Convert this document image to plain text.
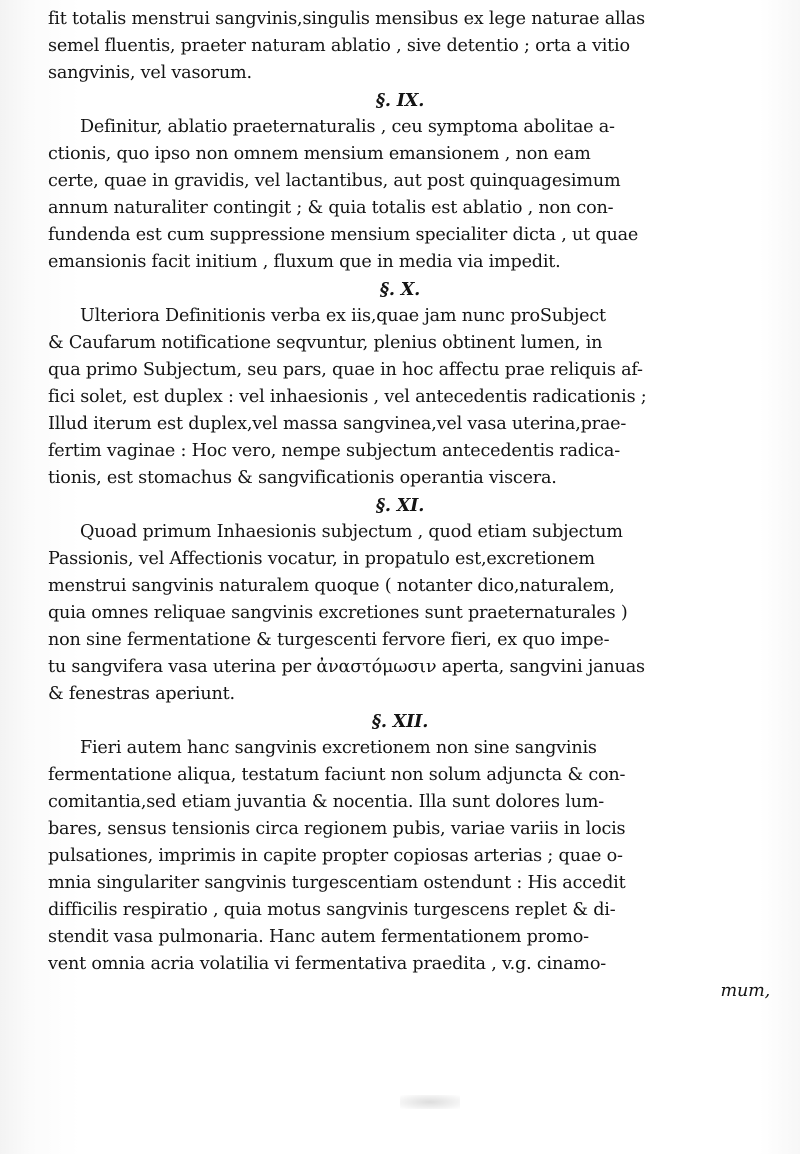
fit totalis menstrui sangvinis,singulis mensibus ex lege naturae allas
semel fluentis, praeter naturam ablatio , sive detentio ; orta a vitio
sangvinis, vel vasorum.
§. IX.
Definitur, ablatio praeternaturalis , ceu symptoma abolitae a-
ctionis, quo ipso non omnem mensium emansionem , non eam
certe, quae in gravidis, vel lactantibus, aut post quinquagesimum
annum naturaliter contingit ; & quia totalis est ablatio , non con-
fundenda est cum suppressione mensium specialiter dicta , ut quae
emansionis facit initium , fluxum que in media via impedit.
§. X.
Ulteriora Definitionis verba ex iis,quae jam nunc proSubject
& Caufarum notificatione seqvuntur, plenius obtinent lumen, in
qua primo Subjectum, seu pars, quae in hoc affectu prae reliquis af-
fici solet, est duplex : vel inhaesionis , vel antecedentis radicationis ;
Illud iterum est duplex,vel massa sangvinea,vel vasa uterina,prae-
fertim vaginae : Hoc vero, nempe subjectum antecedentis radica-
tionis, est stomachus & sangvificationis operantia viscera.
§. XI.
Quoad primum Inhaesionis subjectum , quod etiam subjectum
Passionis, vel Affectionis vocatur, in propatulo est,excretionem
menstrui sangvinis naturalem quoque ( notanter dico,naturalem,
quia omnes reliquae sangvinis excretiones sunt praeternaturales )
non sine fermentatione & turgescenti fervore fieri, ex quo impe-
tu sangvifera vasa uterina per ἀναστόμωσιν aperta, sangvini januas
& fenestras aperiunt.
§. XII.
Fieri autem hanc sangvinis excretionem non sine sangvinis
fermentatione aliqua, testatum faciunt non solum adjuncta & con-
comitantia,sed etiam juvantia & nocentia. Illa sunt dolores lum-
bares, sensus tensionis circa regionem pubis, variae variis in locis
pulsationes, imprimis in capite propter copiosas arterias ; quae o-
mnia singulariter sangvinis turgescentiam ostendunt : His accedit
difficilis respiratio , quia motus sangvinis turgescens replet & di-
stendit vasa pulmonaria. Hanc autem fermentationem promo-
vent omnia acria volatilia vi fermentativa praedita , v.g. cinamo-
mum,
